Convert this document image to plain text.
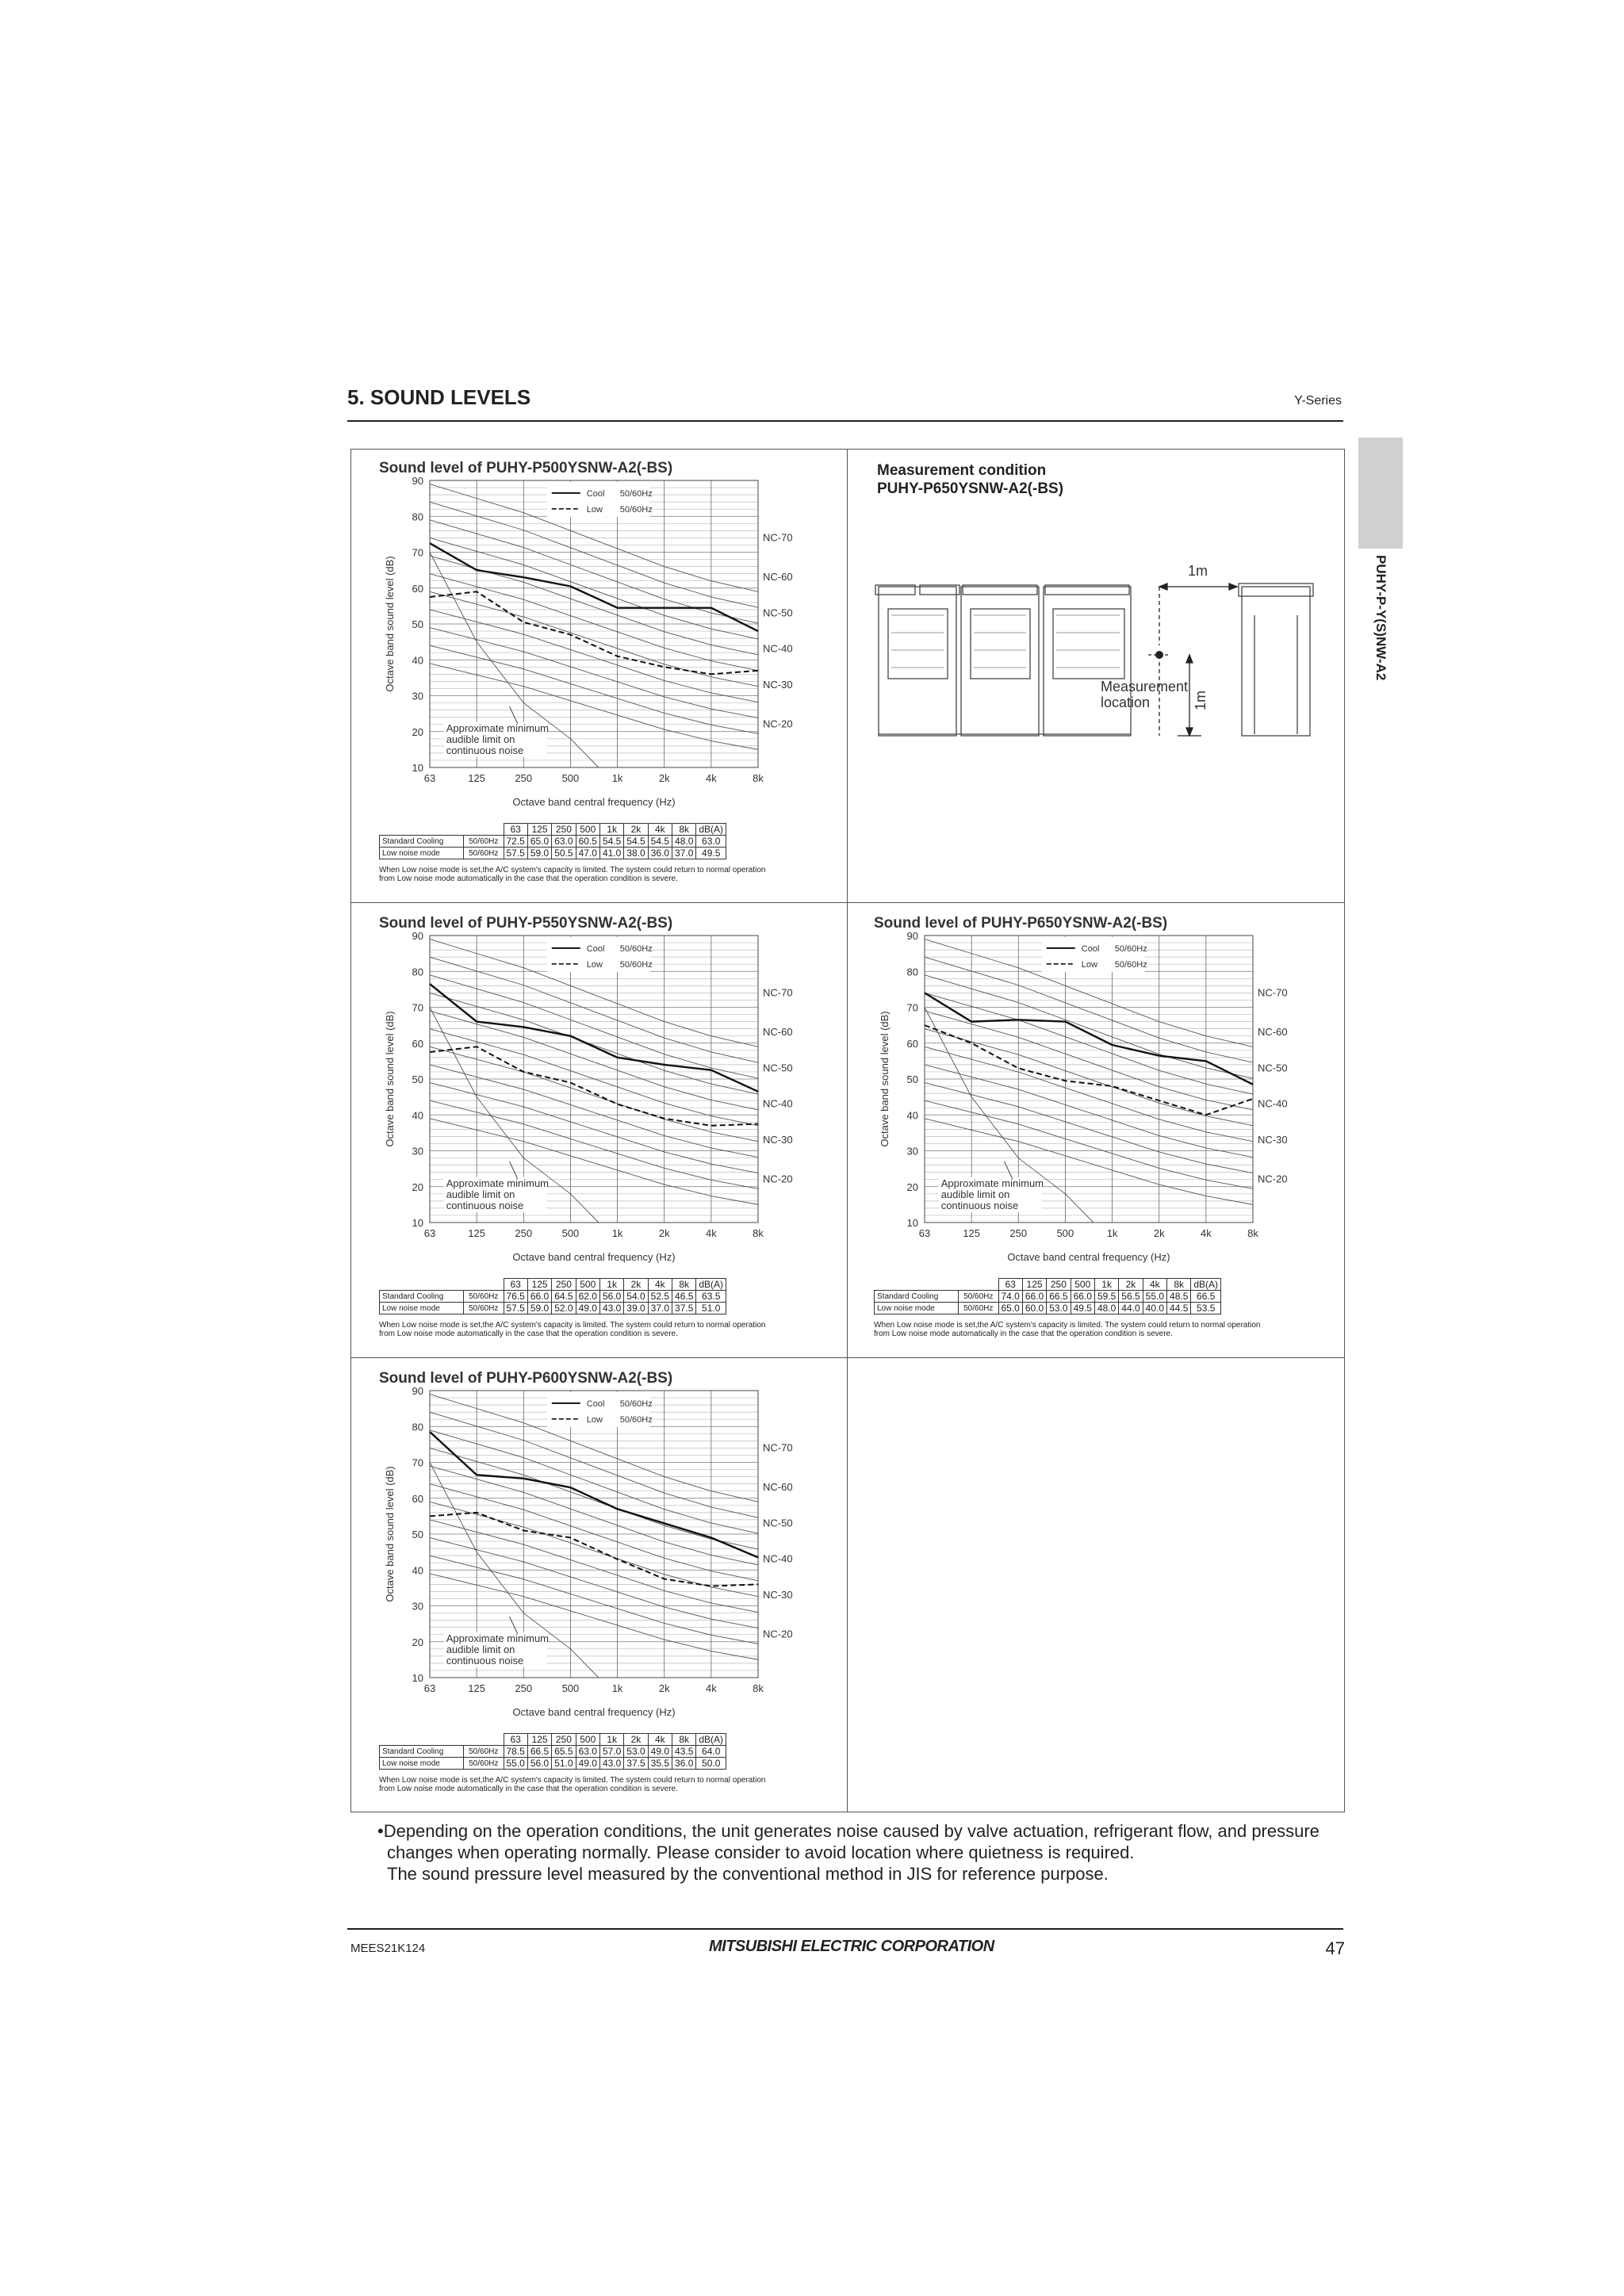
5. SOUND LEVELS	Y-Series
PUHY-P-Y(S)NW-A2
Sound level of PUHY-P500YSNW-A2(-BS)
90
80
70
60
50
40
30
20
10
Octave band sound level (dB)
63	125	250	500	1k	2k	4k	8k
Octave band central frequency (Hz)
NC-70
NC-60
NC-50
NC-40
NC-30
NC-20
Cool 50/60Hz
Low 50/60Hz
Approximate minimum
audible limit on
continuous noise
		63	125	250	500	1k	2k	4k	8k	dB(A)
Standard Cooling	50/60Hz	72.5	65.0	63.0	60.5	54.5	54.5	54.5	48.0	63.0
Low noise mode	50/60Hz	57.5	59.0	50.5	47.0	41.0	38.0	36.0	37.0	49.5
When Low noise mode is set,the A/C system's capacity is limited. The system could return to normal operation
from Low noise mode automatically in the case that the operation condition is severe.
Sound level of PUHY-P550YSNW-A2(-BS)
90
80
70
60
50
40
30
20
10
Octave band sound level (dB)
63	125	250	500	1k	2k	4k	8k
Octave band central frequency (Hz)
NC-70
NC-60
NC-50
NC-40
NC-30
NC-20
Cool 50/60Hz
Low 50/60Hz
Approximate minimum
audible limit on
continuous noise
		63	125	250	500	1k	2k	4k	8k	dB(A)
Standard Cooling	50/60Hz	76.5	66.0	64.5	62.0	56.0	54.0	52.5	46.5	63.5
Low noise mode	50/60Hz	57.5	59.0	52.0	49.0	43.0	39.0	37.0	37.5	51.0
When Low noise mode is set,the A/C system's capacity is limited. The system could return to normal operation
from Low noise mode automatically in the case that the operation condition is severe.
Sound level of PUHY-P650YSNW-A2(-BS)
90
80
70
60
50
40
30
20
10
Octave band sound level (dB)
63	125	250	500	1k	2k	4k	8k
Octave band central frequency (Hz)
NC-70
NC-60
NC-50
NC-40
NC-30
NC-20
Cool 50/60Hz
Low 50/60Hz
Approximate minimum
audible limit on
continuous noise
		63	125	250	500	1k	2k	4k	8k	dB(A)
Standard Cooling	50/60Hz	74.0	66.0	66.5	66.0	59.5	56.5	55.0	48.5	66.5
Low noise mode	50/60Hz	65.0	60.0	53.0	49.5	48.0	44.0	40.0	44.5	53.5
When Low noise mode is set,the A/C system's capacity is limited. The system could return to normal operation
from Low noise mode automatically in the case that the operation condition is severe.
Sound level of PUHY-P600YSNW-A2(-BS)
90
80
70
60
50
40
30
20
10
Octave band sound level (dB)
63	125	250	500	1k	2k	4k	8k
Octave band central frequency (Hz)
NC-70
NC-60
NC-50
NC-40
NC-30
NC-20
Cool 50/60Hz
Low 50/60Hz
Approximate minimum
audible limit on
continuous noise
		63	125	250	500	1k	2k	4k	8k	dB(A)
Standard Cooling	50/60Hz	78.5	66.5	65.5	63.0	57.0	53.0	49.0	43.5	64.0
Low noise mode	50/60Hz	55.0	56.0	51.0	49.0	43.0	37.5	35.5	36.0	50.0
When Low noise mode is set,the A/C system's capacity is limited. The system could return to normal operation
from Low noise mode automatically in the case that the operation condition is severe.
Measurement condition
PUHY-P650YSNW-A2(-BS)
1m
Measurement
location	1m
•Depending on the operation conditions, the unit generates noise caused by valve actuation, refrigerant flow, and pressure
changes when operating normally. Please consider to avoid location where quietness is required.
The sound pressure level measured by the conventional method in JIS for reference purpose.
MEES21K124	MITSUBISHI ELECTRIC CORPORATION	47
